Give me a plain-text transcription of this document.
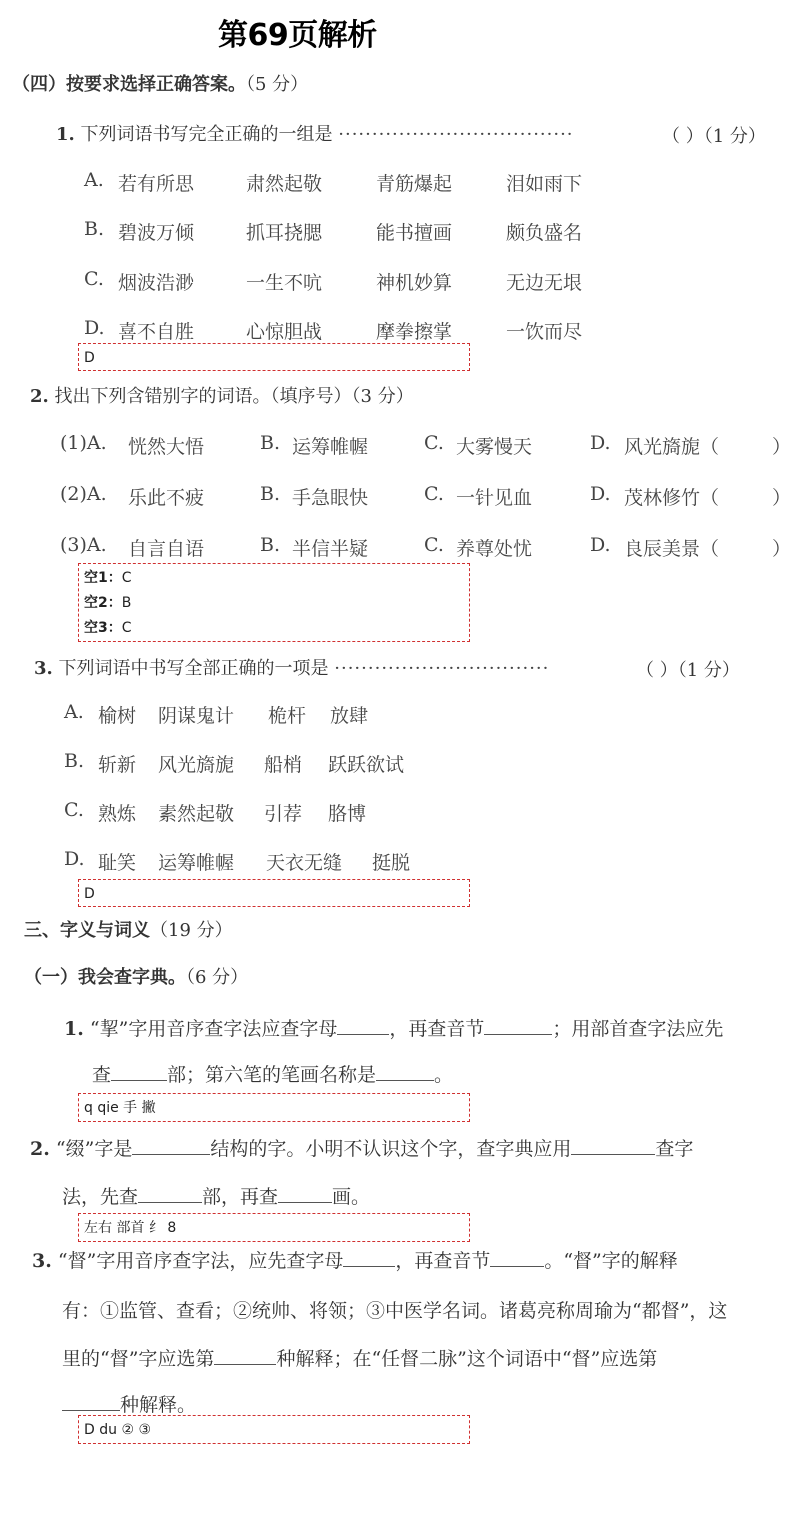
第69页解析
（四）按要求选择正确答案。（5 分）
1. 下列词语书写完全正确的一组是 ···································	（ ）（1 分）
A. 若有所思	肃然起敬	青筋爆起	泪如雨下
B. 碧波万倾	抓耳挠腮	能书擅画	颇负盛名
C. 烟波浩渺	一生不吭	神机妙算	无边无垠
D. 喜不自胜	心惊胆战	摩拳擦掌	一饮而尽
D
2. 找出下列含错别字的词语。（填序号）（3 分）
(1)A. 恍然大悟	B. 运筹帷幄	C. 大雾慢天	D. 风光旖旎（	）
(2)A. 乐此不疲	B. 手急眼快	C. 一针见血	D. 茂林修竹（	）
(3)A. 自言自语	B. 半信半疑	C. 养尊处忧	D. 良辰美景（	）
空1：C
空2：B
空3：C
3. 下列词语中书写全部正确的一项是 ································	（ ）（1 分）
A. 榆树 阴谋鬼计 桅杆 放肆
B. 斩新 风光旖旎 船梢 跃跃欲试
C. 熟炼 素然起敬 引荐 胳博
D. 耻笑 运筹帷幄 天衣无缝 挺脱
D
三、字义与词义（19 分）
（一）我会查字典。（6 分）
1. “挈”字用音序查字法应查字母	，再查音节	；用部首查字法应先
查	部；第六笔的笔画名称是	。
q qie 手 撇
2. “缀”字是	结构的字。小明不认识这个字，查字典应用	查字
法，先查	部，再查	画。
左右 部首 纟 8
3. “督”字用音序查字法，应先查字母	，再查音节	。“督”字的解释
有：①监管、查看；②统帅、将领；③中医学名词。诸葛亮称周瑜为“都督”，这
里的“督”字应选第	种解释；在“任督二脉”这个词语中“督”应选第
种解释。
D du ② ③
